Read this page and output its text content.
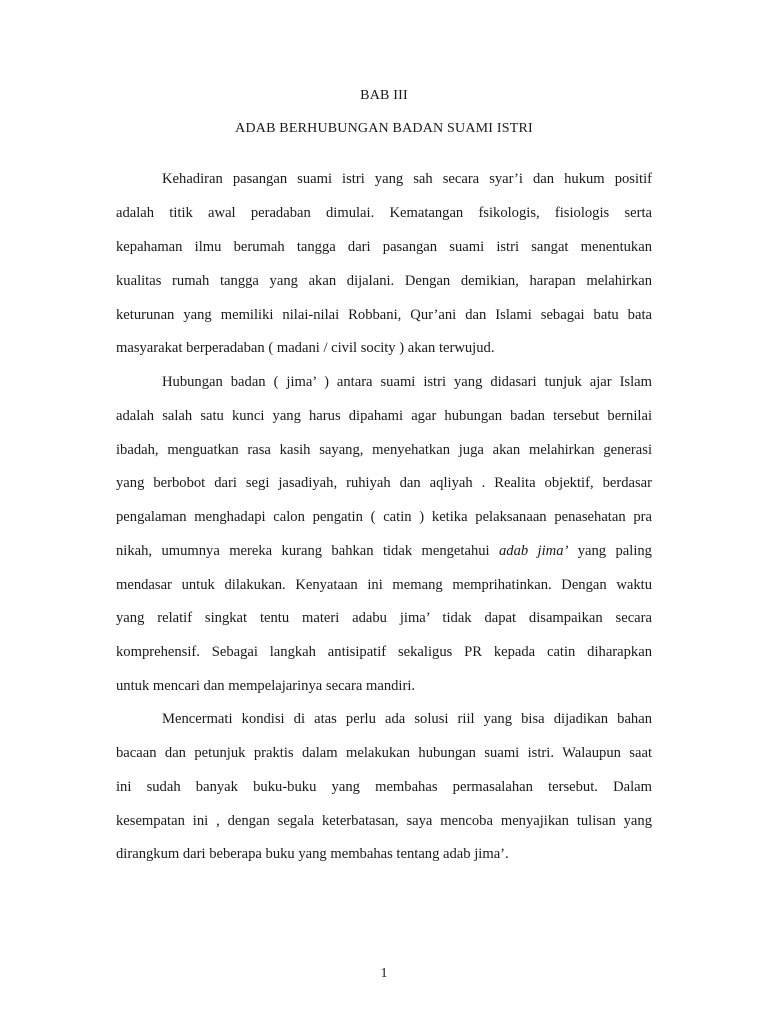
BAB III
ADAB BERHUBUNGAN BADAN SUAMI ISTRI
Kehadiran pasangan suami istri yang sah secara syar’i dan hukum positif
adalah titik awal peradaban dimulai. Kematangan fsikologis, fisiologis serta
kepahaman ilmu berumah tangga dari pasangan suami istri sangat menentukan
kualitas rumah tangga yang akan dijalani. Dengan demikian, harapan melahirkan
keturunan yang memiliki nilai-nilai Robbani, Qur’ani dan Islami sebagai batu bata
masyarakat berperadaban ( madani / civil socity ) akan terwujud.
Hubungan badan ( jima’ ) antara suami istri yang didasari tunjuk ajar Islam
adalah salah satu kunci yang harus dipahami agar hubungan badan tersebut bernilai
ibadah, menguatkan rasa kasih sayang, menyehatkan juga akan melahirkan generasi
yang berbobot dari segi jasadiyah, ruhiyah dan aqliyah . Realita objektif, berdasar
pengalaman menghadapi calon pengatin ( catin ) ketika pelaksanaan penasehatan pra
nikah, umumnya mereka kurang bahkan tidak mengetahui adab jima’ yang paling
mendasar untuk dilakukan. Kenyataan ini memang memprihatinkan. Dengan waktu
yang relatif singkat tentu materi adabu jima’ tidak dapat disampaikan secara
komprehensif. Sebagai langkah antisipatif sekaligus PR kepada catin diharapkan
untuk mencari dan mempelajarinya secara mandiri.
Mencermati kondisi di atas perlu ada solusi riil yang bisa dijadikan bahan
bacaan dan petunjuk praktis dalam melakukan hubungan suami istri. Walaupun saat
ini sudah banyak buku-buku yang membahas permasalahan tersebut. Dalam
kesempatan ini , dengan segala keterbatasan, saya mencoba menyajikan tulisan yang
dirangkum dari beberapa buku yang membahas tentang adab jima’.
1
